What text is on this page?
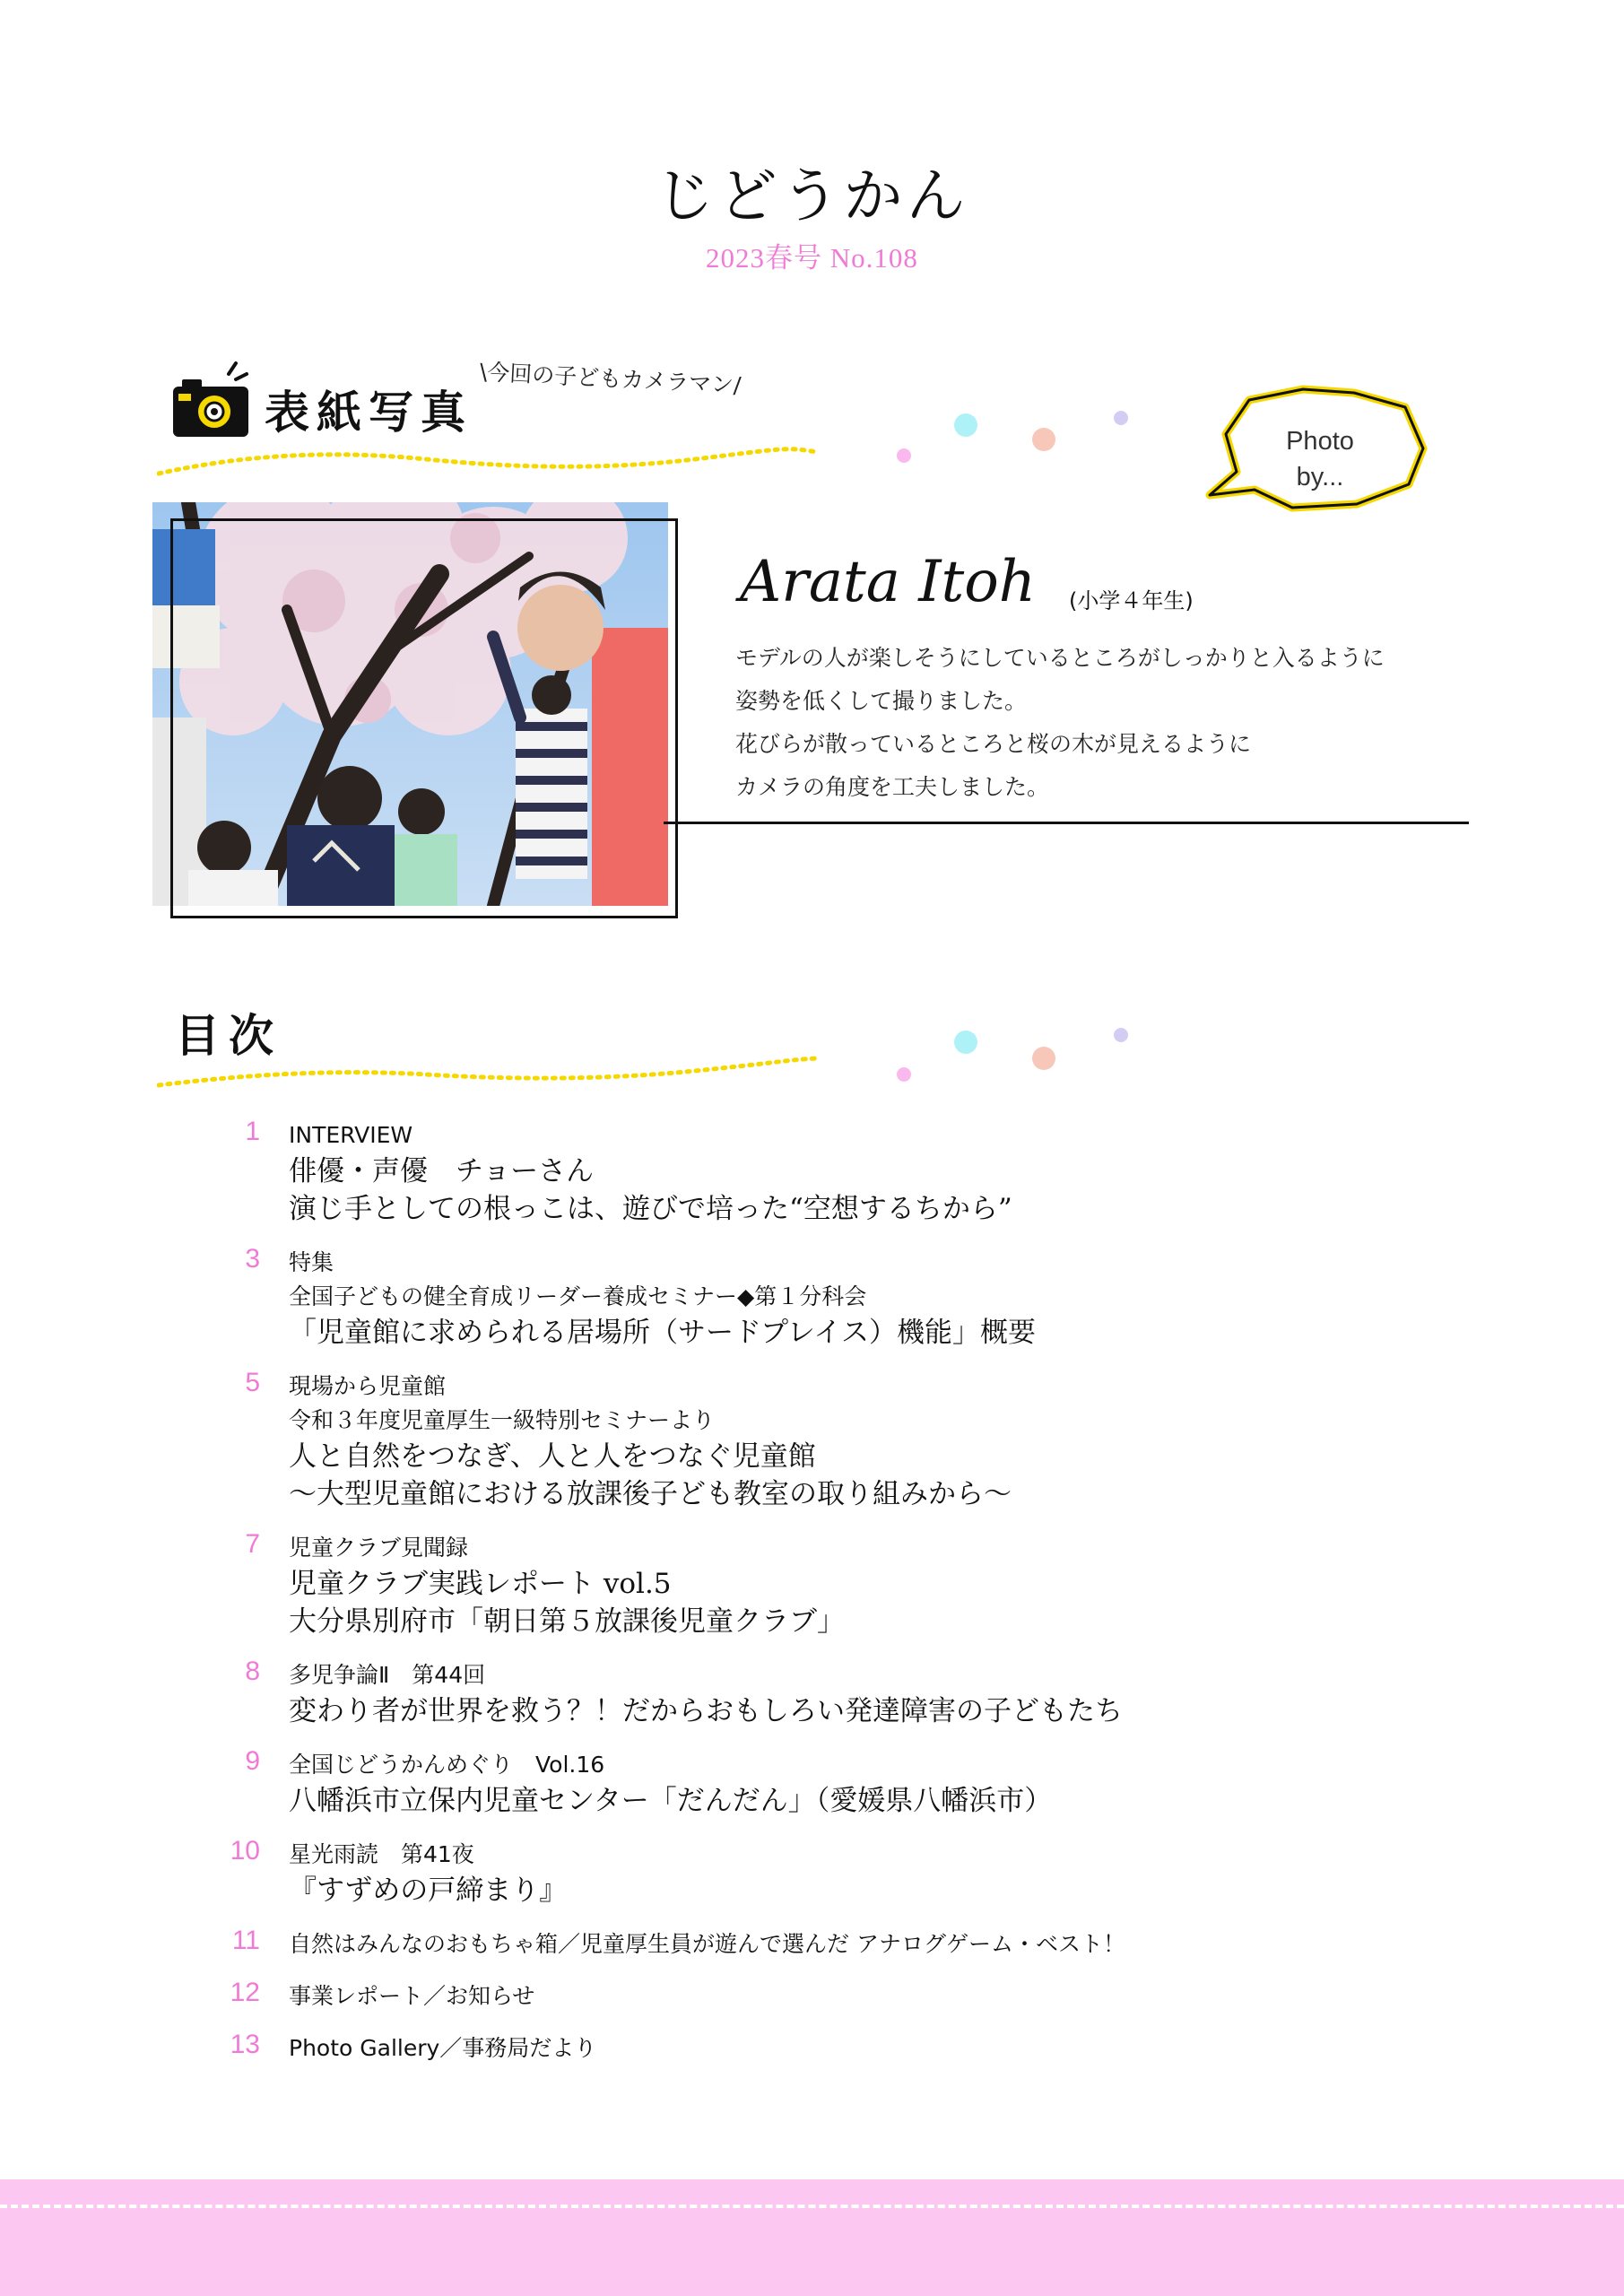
じどうかん
2023春号 No.108
表紙写真
\今回の子どもカメラマン/
Photo
by...
Arata Itoh (小学４年生)

モデルの人が楽しそうにしているところがしっかりと入るように

姿勢を低くして撮りました。

花びらが散っているところと桜の木が見えるように

カメラの角度を工夫しました。

目次
1 INTERVIEW
俳優・声優　チョーさん
演じ手としての根っこは、遊びで培った“空想するちから”
3 特集
全国子どもの健全育成リーダー養成セミナー◆第１分科会
「児童館に求められる居場所（サードプレイス）機能」概要
5 現場から児童館
令和３年度児童厚生一級特別セミナーより
人と自然をつなぎ、人と人をつなぐ児童館
～大型児童館における放課後子ども教室の取り組みから～
7 児童クラブ見聞録
児童クラブ実践レポート vol.5
大分県別府市「朝日第５放課後児童クラブ」
8 多児争論Ⅱ　第44回
変わり者が世界を救う？！だからおもしろい発達障害の子どもたち
9 全国じどうかんめぐり　Vol.16
八幡浜市立保内児童センター「だんだん」（愛媛県八幡浜市）
10 星光雨読　第41夜
『すずめの戸締まり』
11 自然はみんなのおもちゃ箱／児童厚生員が遊んで選んだ アナログゲーム・ベスト！
12 事業レポート／お知らせ
13 Photo Gallery／事務局だより
